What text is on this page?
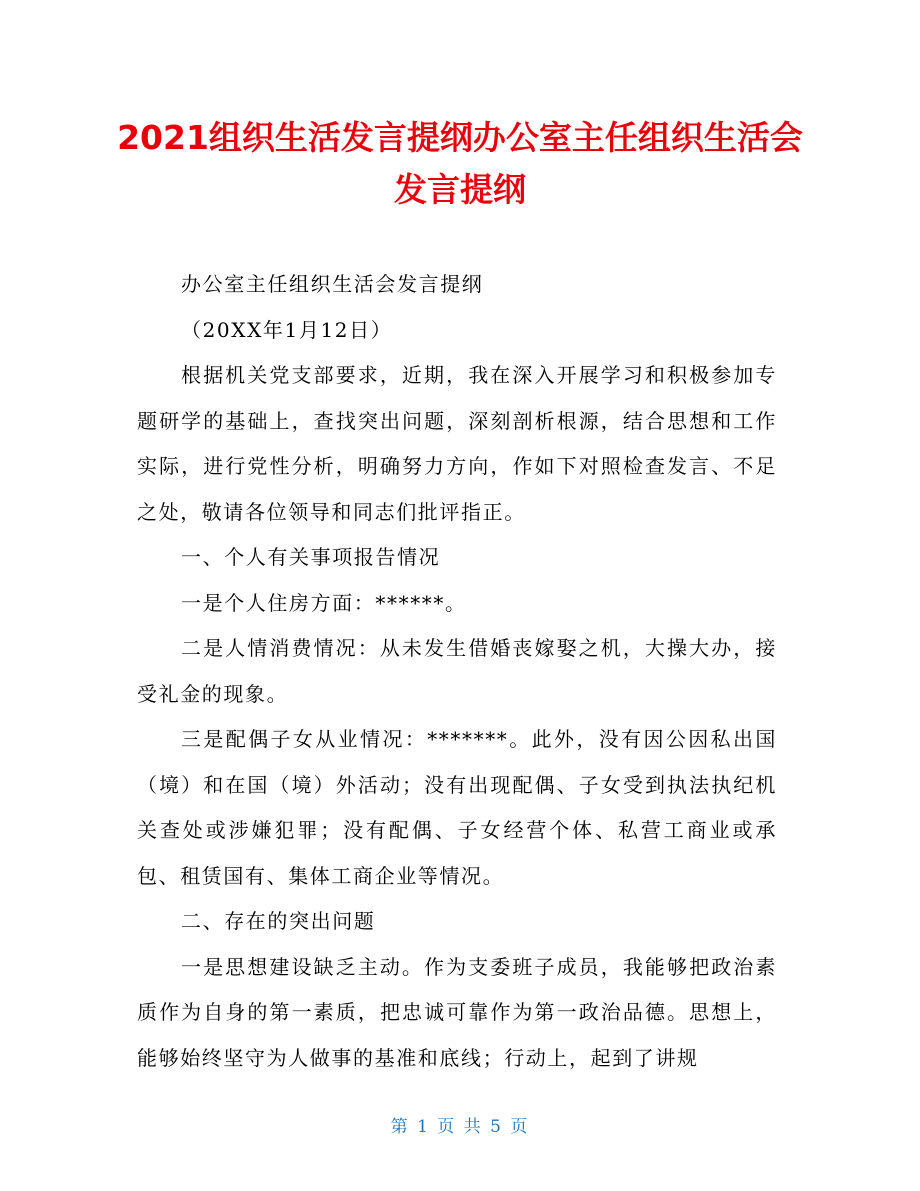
2021组织生活发言提纲办公室主任组织生活会
发言提纲

办公室主任组织生活会发言提纲

（20XX年1月12日）

根据机关党支部要求，近期，我在深入开展学习和积极参加专题研学的基础上，查找突出问题，深刻剖析根源，结合思想和工作实际，进行党性分析，明确努力方向，作如下对照检查发言、不足之处，敬请各位领导和同志们批评指正。

一、个人有关事项报告情况

一是个人住房方面：******。

二是人情消费情况：从未发生借婚丧嫁娶之机，大操大办，接受礼金的现象。

三是配偶子女从业情况：*******。此外，没有因公因私出国（境）和在国（境）外活动；没有出现配偶、子女受到执法执纪机关查处或涉嫌犯罪；没有配偶、子女经营个体、私营工商业或承包、租赁国有、集体工商企业等情况。

二、存在的突出问题

一是思想建设缺乏主动。作为支委班子成员，我能够把政治素质作为自身的第一素质，把忠诚可靠作为第一政治品德。思想上，能够始终坚守为人做事的基准和底线；行动上，起到了讲规

第 1 页 共 5 页
